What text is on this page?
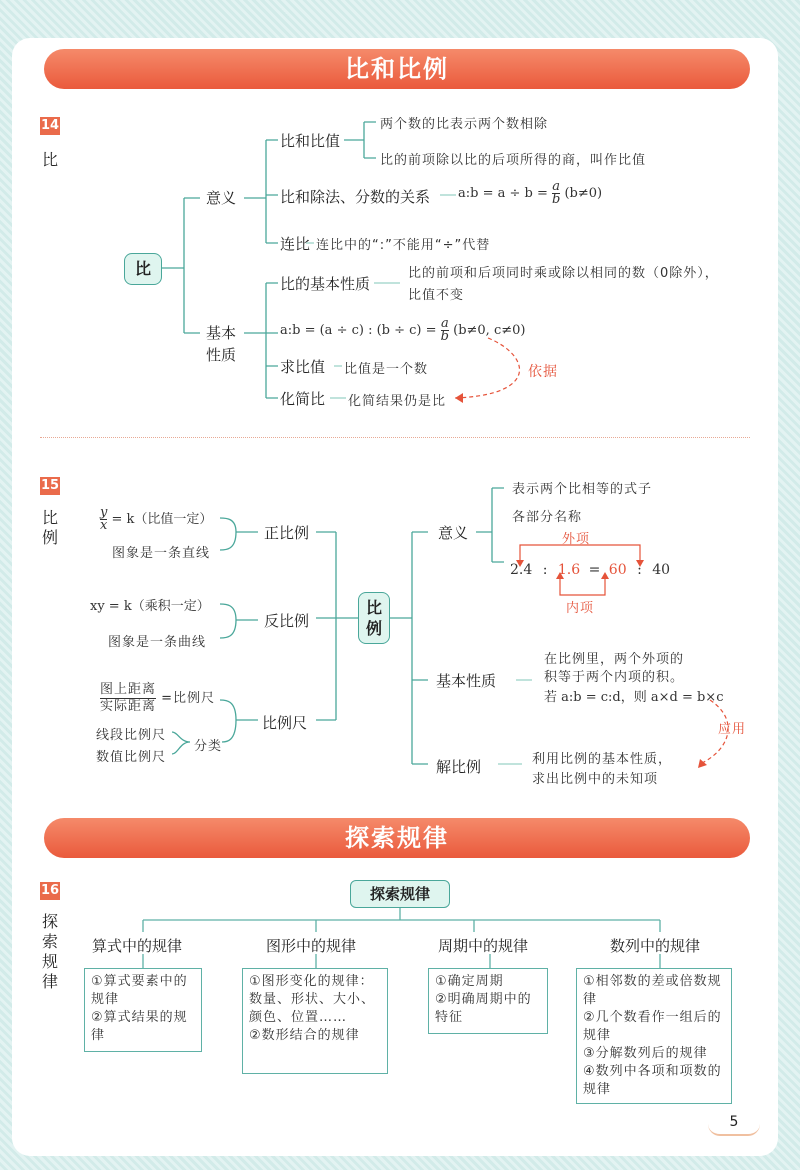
比和比例
14
比
比
意义
比和比值
两个数的比表示两个数相除
比的前项除以比的后项所得的商，叫作比值
比和除法、分数的关系 a:b = $a \div b = \frac{a}{b} (b\ne 0)$
连比 连比中的“:”不能用“÷”代替
基本
性质
比的基本性质
比的前项和后项同时乘或除以相同的数（0除外），
比值不变
a:b = (a ÷ c) : $(b \div c) = \frac{a}{b} (b\ne 0$, c≠0)
求比值 比值是一个数	依据
化简比 化简结果仍是比
15
比
例
比
例
正比例
$\frac{y}{x} = k$（比值一定）
图象是一条直线
反比例
xy = k（乘积一定）
图象是一条曲线
比例尺
$\frac{\text{图上距离}}{\text{实际距离}}$ =比例尺
线段比例尺
数值比例尺
分类
意义
表示两个比相等的式子
各部分名称
外项
2.4 : 1.6 = 60 : 40
内项
基本性质
在比例里，两个外项的
积等于两个内项的积。
若 a:b = c:d，则 a×d = b×c
应用
解比例	利用比例的基本性质，
求出比例中的未知项
探索规律
16
探
索
规
律
探索规律
算式中的规律	图形中的规律	周期中的规律	数列中的规律
①算式要素中的规律
②算式结果的规律
①图形变化的规律：数量、形状、大小、颜色、位置……
②数形结合的规律
①确定周期
②明确周期中的特征
①相邻数的差或倍数规律
②几个数看作一组后的规律
③分解数列后的规律
④数列中各项和项数的规律
5
